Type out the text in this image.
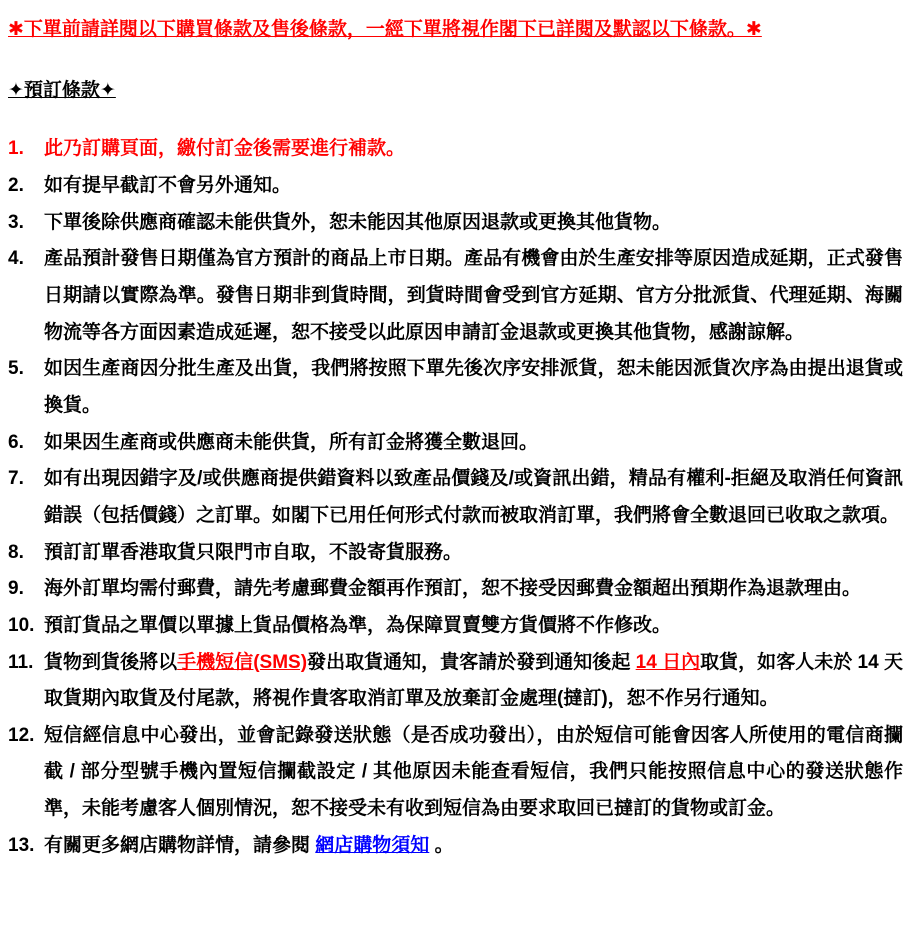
✱下單前請詳閱以下購買條款及售後條款，一經下單將視作閣下已詳閱及默認以下條款。✱
✦預訂條款✦
1.	此乃訂購頁面，繳付訂金後需要進行補款。
2.	如有提早截訂不會另外通知。
3.	下單後除供應商確認未能供貨外，恕未能因其他原因退款或更換其他貨物。
4.	產品預計發售日期僅為官方預計的商品上市日期。產品有機會由於生產安排等原因造成延期，正式發售日期請以實際為準。發售日期非到貨時間，到貨時間會受到官方延期、官方分批派貨、代理延期、海關物流等各方面因素造成延遲，恕不接受以此原因申請訂金退款或更換其他貨物，感謝諒解。
5.	如因生產商因分批生產及出貨，我們將按照下單先後次序安排派貨，恕未能因派貨次序為由提出退貨或換貨。
6.	如果因生產商或供應商未能供貨，所有訂金將獲全數退回。
7.	如有出現因錯字及/或供應商提供錯資料以致產品價錢及/或資訊出錯，精品有權利-拒絕及取消任何資訊錯誤（包括價錢）之訂單。如閣下已用任何形式付款而被取消訂單，我們將會全數退回已收取之款項。
8.	預訂訂單香港取貨只限門市自取，不設寄貨服務。
9.	海外訂單均需付郵費，請先考慮郵費金額再作預訂，恕不接受因郵費金額超出預期作為退款理由。
10. 預訂貨品之單價以單據上貨品價格為準，為保障買賣雙方貨價將不作修改。
11. 貨物到貨後將以手機短信(SMS)發出取貨通知，貴客請於發到通知後起 14 日內取貨，如客人未於 14 天取貨期內取貨及付尾款，將視作貴客取消訂單及放棄訂金處理(撻訂)，恕不作另行通知。
12. 短信經信息中心發出，並會記錄發送狀態（是否成功發出），由於短信可能會因客人所使用的電信商攔截 / 部分型號手機內置短信攔截設定 / 其他原因未能查看短信，我們只能按照信息中心的發送狀態作準，未能考慮客人個別情況，恕不接受未有收到短信為由要求取回已撻訂的貨物或訂金。
13. 有關更多網店購物詳情，請參閱 網店購物須知 。
